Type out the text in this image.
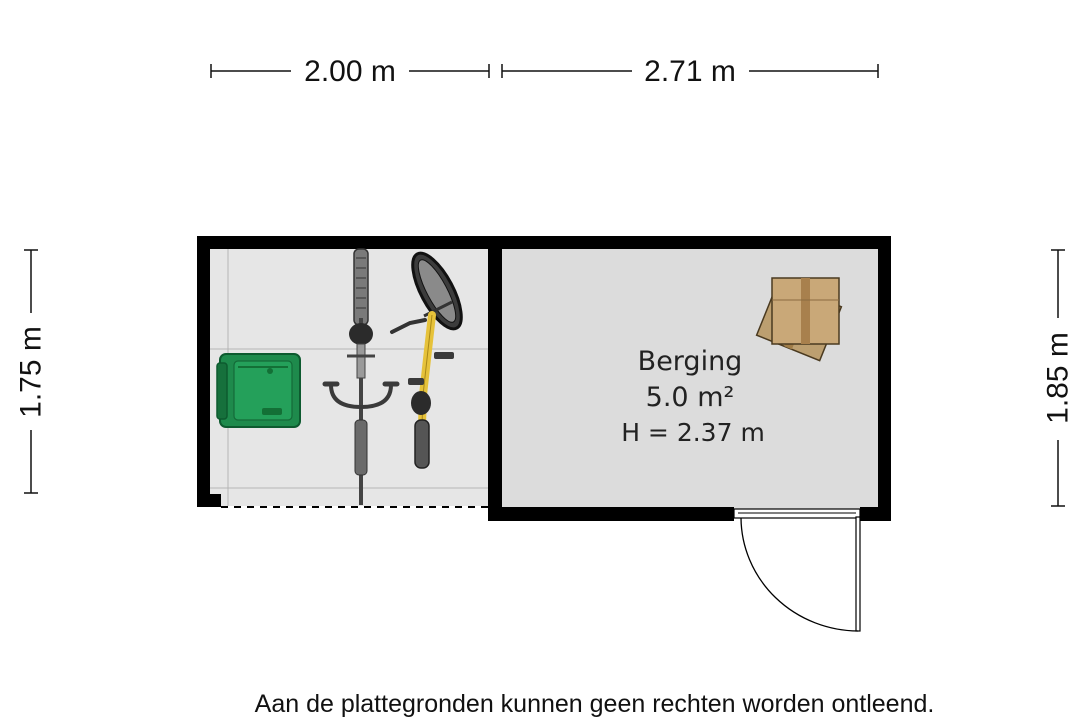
2.00 m	2.71 m
1.75 m	1.85 m
Berging
5.0 m²
H = 2.37 m
Aan de plattegronden kunnen geen rechten worden ontleend.
